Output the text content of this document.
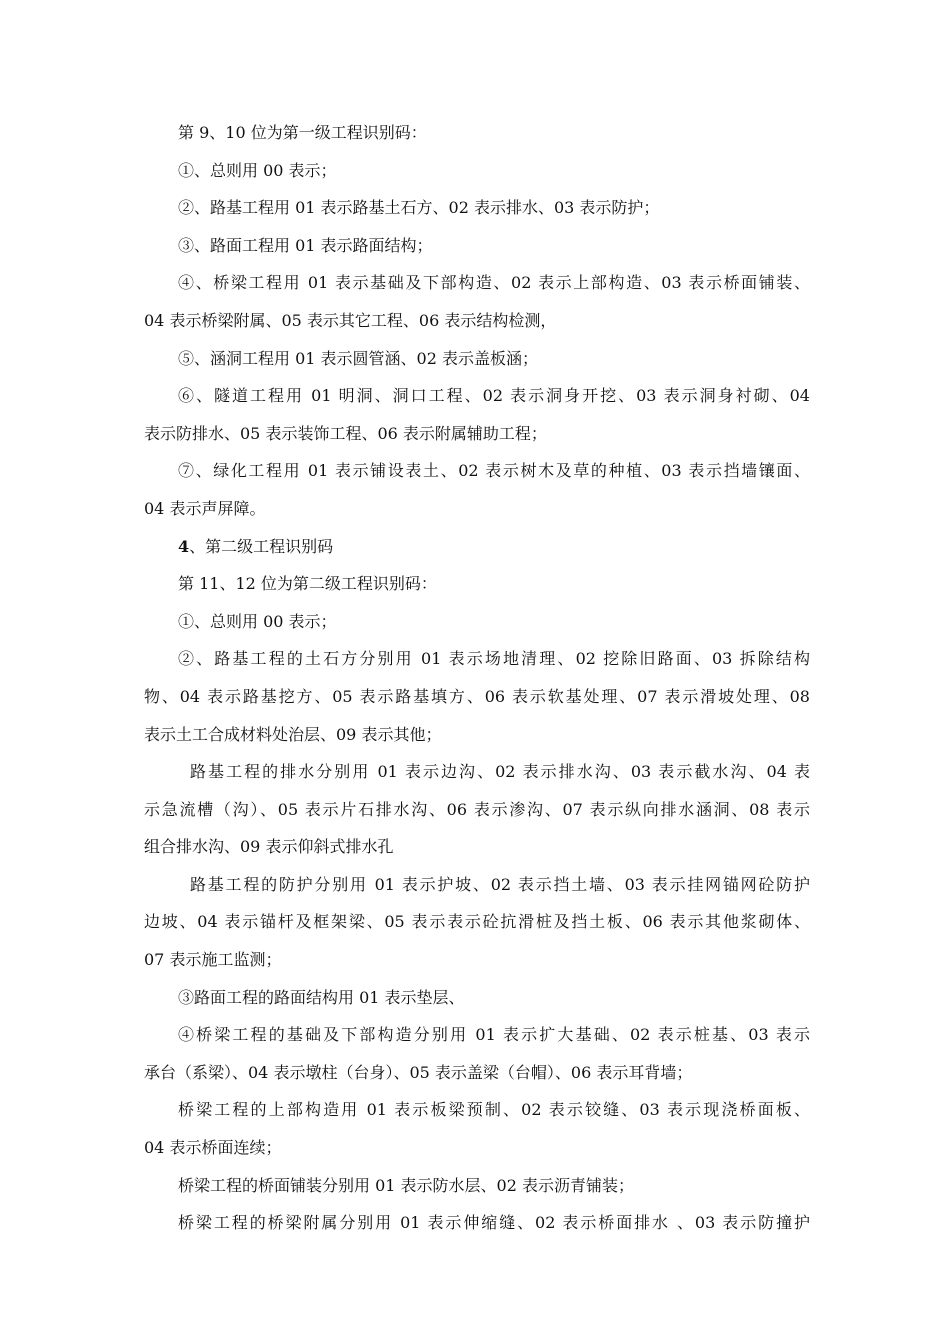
第 9、10 位为第一级工程识别码：
①、总则用 00 表示；
②、路基工程用 01 表示路基土石方、02 表示排水、03 表示防护；
③、路面工程用 01 表示路面结构；
④、桥梁工程用 01 表示基础及下部构造、02 表示上部构造、03 表示桥面铺装、
04 表示桥梁附属、05 表示其它工程、06 表示结构检测，
⑤、涵洞工程用 01 表示圆管涵、02 表示盖板涵；
⑥、隧道工程用 01 明洞、洞口工程、02 表示洞身开挖、03 表示洞身衬砌、04
表示防排水、05 表示装饰工程、06 表示附属辅助工程；
⑦、绿化工程用 01 表示铺设表土、02 表示树木及草的种植、03 表示挡墙镶面、
04 表示声屏障。
4、第二级工程识别码
第 11、12 位为第二级工程识别码：
①、总则用 00 表示；
②、路基工程的土石方分别用 01 表示场地清理、02 挖除旧路面、03 拆除结构
物、04 表示路基挖方、05 表示路基填方、06 表示软基处理、07 表示滑坡处理、08
表示土工合成材料处治层、09 表示其他；
路基工程的排水分别用 01 表示边沟、02 表示排水沟、03 表示截水沟、04 表
示急流槽（沟）、05 表示片石排水沟、06 表示渗沟、07 表示纵向排水涵洞、08 表示
组合排水沟、09 表示仰斜式排水孔
路基工程的防护分别用 01 表示护坡、02 表示挡土墙、03 表示挂网锚网砼防护
边坡、04 表示锚杆及框架梁、05 表示表示砼抗滑桩及挡土板、06 表示其他浆砌体、
07 表示施工监测；
③路面工程的路面结构用 01 表示垫层、
④桥梁工程的基础及下部构造分别用 01 表示扩大基础、02 表示桩基、03 表示
承台（系梁）、04 表示墩柱（台身）、05 表示盖梁（台帽）、06 表示耳背墙；
桥梁工程的上部构造用 01 表示板梁预制、02 表示铰缝、03 表示现浇桥面板、
04 表示桥面连续；
桥梁工程的桥面铺装分别用 01 表示防水层、02 表示沥青铺装；
桥梁工程的桥梁附属分别用 01 表示伸缩缝、02 表示桥面排水 、03 表示防撞护
